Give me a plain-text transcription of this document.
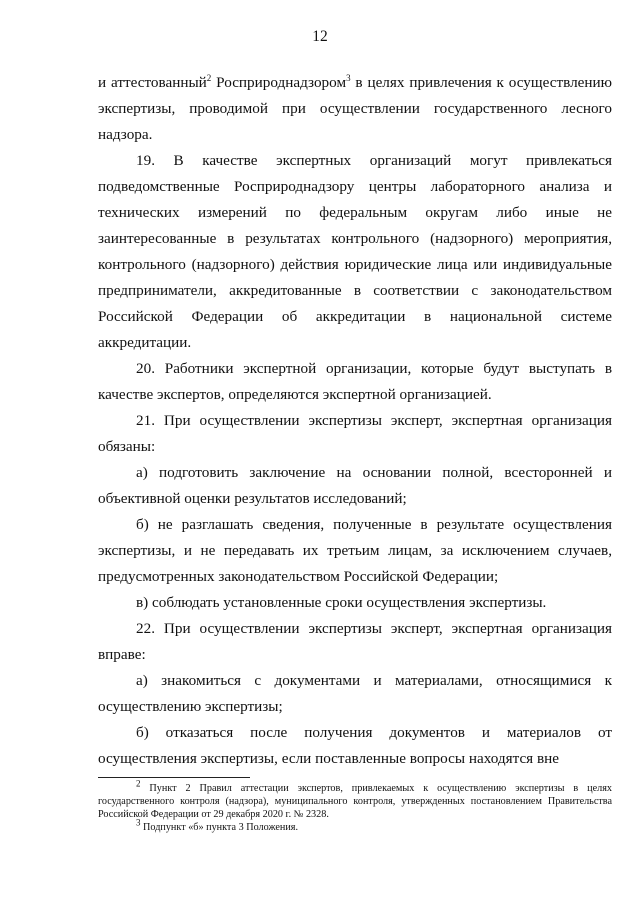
12

и аттестованный$^2$ Росприроднадзором$^3$ в целях привлечения к осуществлению экспертизы, проводимой при осуществлении государственного лесного надзора.

19. В качестве экспертных организаций могут привлекаться подведомственные Росприроднадзору центры лабораторного анализа и технических измерений по федеральным округам либо иные не заинтересованные в результатах контрольного (надзорного) мероприятия, контрольного (надзорного) действия юридические лица или индивидуальные предприниматели, аккредитованные в соответствии с законодательством Российской Федерации об аккредитации в национальной системе аккредитации.

20. Работники экспертной организации, которые будут выступать в качестве экспертов, определяются экспертной организацией.

21. При осуществлении экспертизы эксперт, экспертная организация обязаны:

а) подготовить заключение на основании полной, всесторонней и объективной оценки результатов исследований;

б) не разглашать сведения, полученные в результате осуществления экспертизы, и не передавать их третьим лицам, за исключением случаев, предусмотренных законодательством Российской Федерации;

в) соблюдать установленные сроки осуществления экспертизы.

22. При осуществлении экспертизы эксперт, экспертная организация вправе:

а) знакомиться с документами и материалами, относящимися к осуществлению экспертизы;

б) отказаться после получения документов и материалов от осуществления экспертизы, если поставленные вопросы находятся вне

$^2$ Пункт 2 Правил аттестации экспертов, привлекаемых к осуществлению экспертизы в целях государственного контроля (надзора), муниципального контроля, утвержденных постановлением Правительства Российской Федерации от 29 декабря 2020 г. № 2328.

$^3$ Подпункт «б» пункта 3 Положения.
